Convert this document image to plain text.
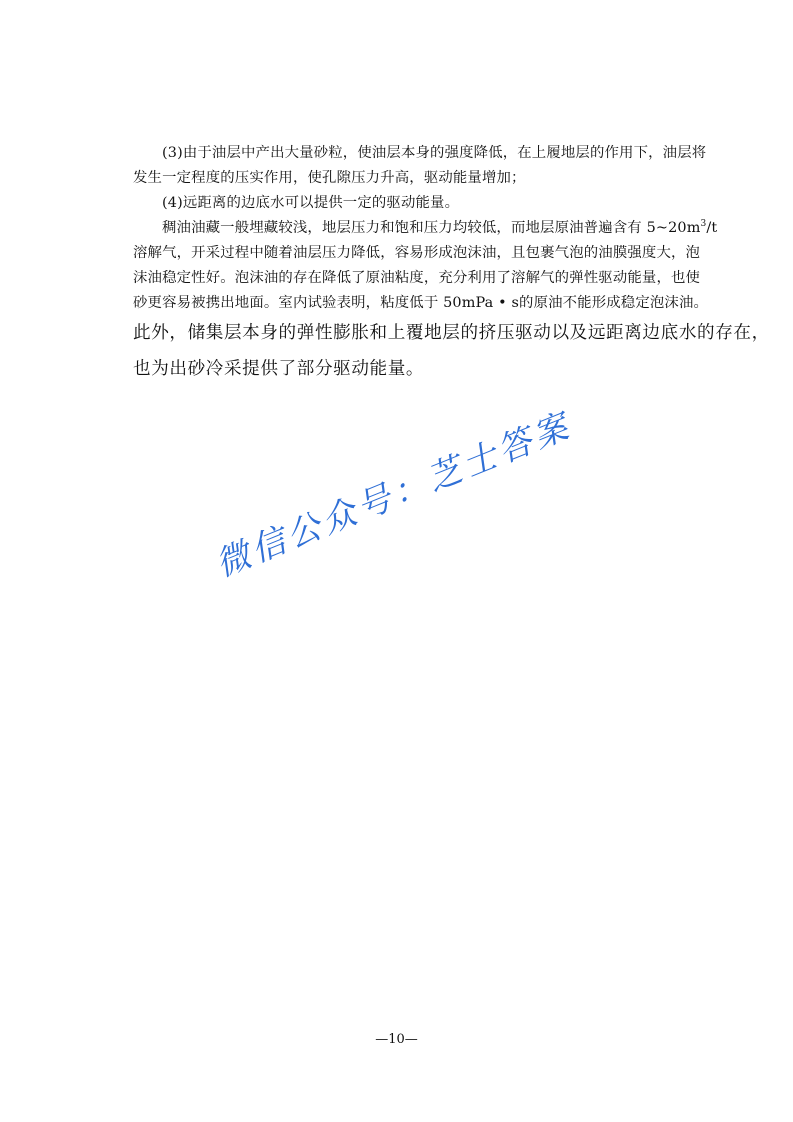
(3)由于油层中产出大量砂粒，使油层本身的强度降低，在上履地层的作用下，油层将
发生一定程度的压实作用，使孔隙压力升高，驱动能量增加；
(4)远距离的边底水可以提供一定的驱动能量。
稠油油藏一般埋藏较浅，地层压力和饱和压力均较低，而地层原油普遍含有 $5\sim 20m^3/t$
溶解气，开采过程中随着油层压力降低，容易形成泡沫油，且包裹气泡的油膜强度大，泡
沫油稳定性好。泡沫油的存在降低了原油粘度，充分利用了溶解气的弹性驱动能量，也使
砂更容易被携出地面。室内试验表明，粘度低于 50mPa • s的原油不能形成稳定泡沫油。
此外，储集层本身的弹性膨胀和上覆地层的挤压驱动以及远距离边底水的存在，
也为出砂冷采提供了部分驱动能量。
微信公众号：芝士答案
—10—
